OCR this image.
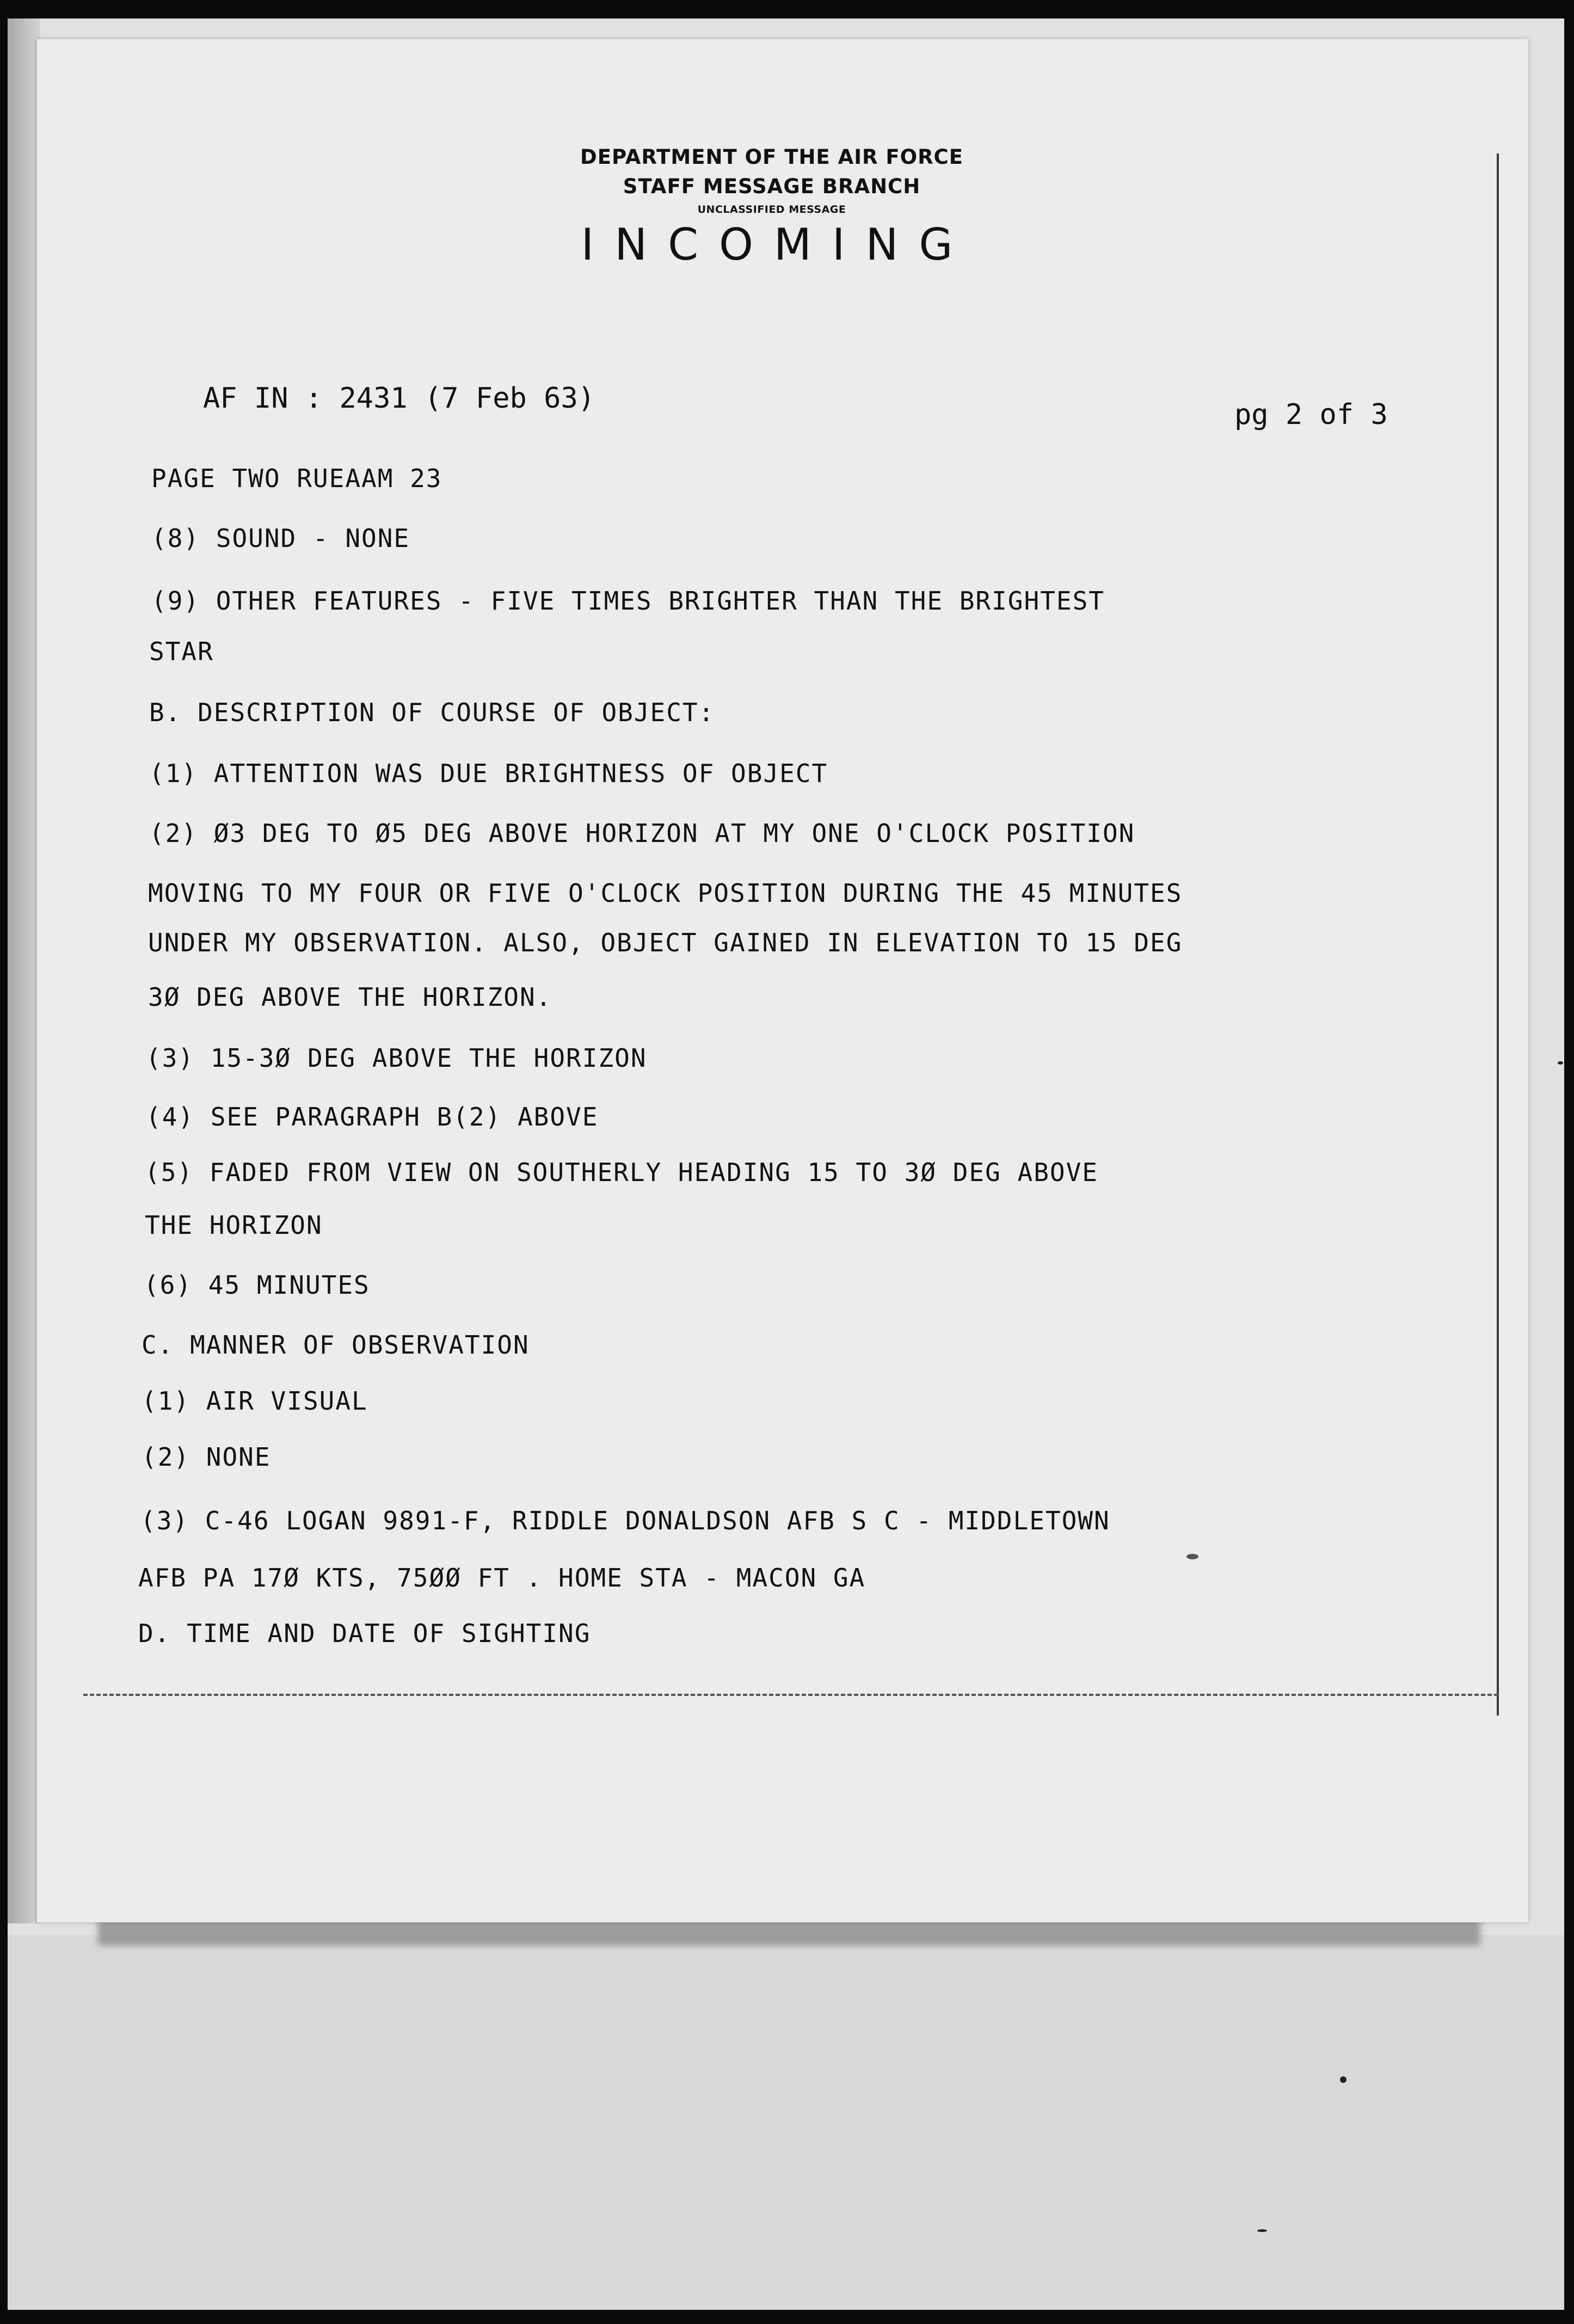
DEPARTMENT OF THE AIR FORCE
STAFF MESSAGE BRANCH
UNCLASSIFIED MESSAGE
INCOMING
AF IN : 2431 (7 Feb 63)	pg 2 of 3
PAGE TWO RUEAAM 23
(8) SOUND - NONE
(9) OTHER FEATURES - FIVE TIMES BRIGHTER THAN THE BRIGHTEST
STAR
B. DESCRIPTION OF COURSE OF OBJECT:
(1) ATTENTION WAS DUE BRIGHTNESS OF OBJECT
(2) Ø3 DEG TO Ø5 DEG ABOVE HORIZON AT MY ONE O'CLOCK POSITION
MOVING TO MY FOUR OR FIVE O'CLOCK POSITION DURING THE 45 MINUTES
UNDER MY OBSERVATION. ALSO, OBJECT GAINED IN ELEVATION TO 15 DEG
3Ø DEG ABOVE THE HORIZON.
(3) 15-3Ø DEG ABOVE THE HORIZON
(4) SEE PARAGRAPH B(2) ABOVE
(5) FADED FROM VIEW ON SOUTHERLY HEADING 15 TO 3Ø DEG ABOVE
THE HORIZON
(6) 45 MINUTES
C. MANNER OF OBSERVATION
(1) AIR VISUAL
(2) NONE
(3) C-46 LOGAN 9891-F, RIDDLE DONALDSON AFB S C - MIDDLETOWN
AFB PA 17Ø KTS, 75ØØ FT . HOME STA - MACON GA
D. TIME AND DATE OF SIGHTING
